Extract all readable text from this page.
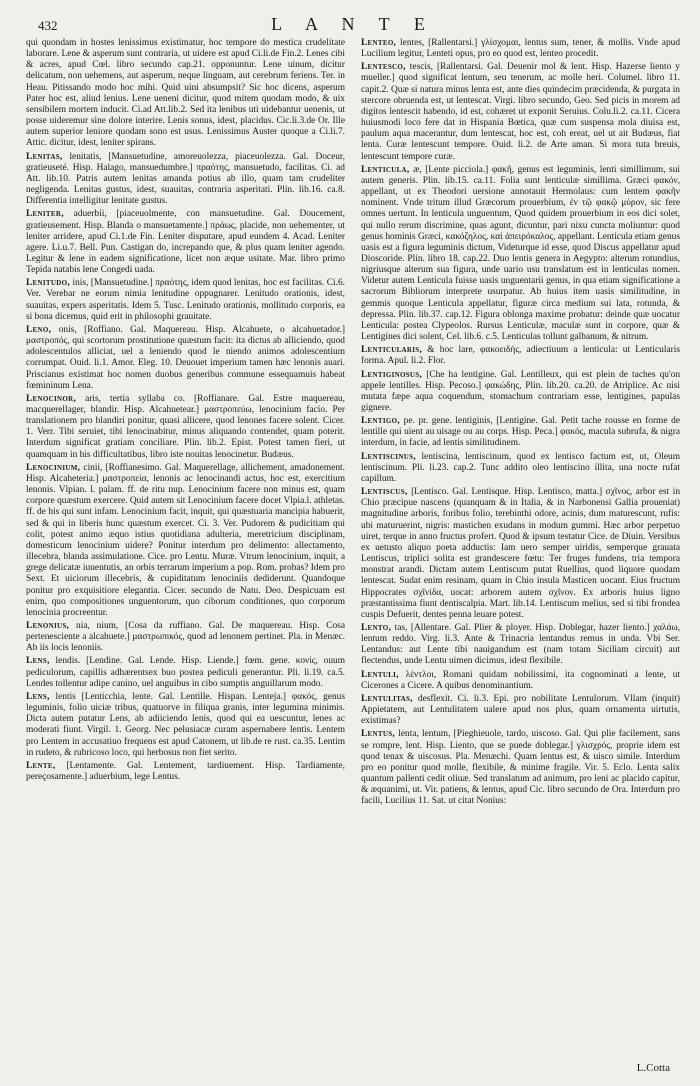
432	L A N T E

qui quondam in hostes lenissimus existimatur, hoc tempore do mestica crudelitate laborare. Lene & asperum sunt contraria, ut uidere est apud Ci.li.de Fin.2. Lenes cibi & acres, apud Cœl. libro secundo cap.21. opponuntur. Lene uinum, dicitur delicatum, non uehemens, aut asperum, neque linguam, aut cerebrum feriens. Ter. in Heau. Pitissando modo hoc mihi. Quid uini absumpsit? Sic hoc dicens, asperum Pater hoc est, aliud lenius. Lene ueneni dicitur, quod mitem quodam modo, & uix sensibilem mortem inducit. Ci.ad Att.lib.2. Sed ita lenibus uti uidebantur uenenis, ut posse uideremur sine dolore interire. Lenis sonus, idest, placidus. Cic.li.3.de Or. Ille autem superior leniore quodam sono est usus. Lenissimus Auster quoque a Ci.li.7. Attic. dicitur, idest, leniter spirans.

Lenitas, lenitatis, [Mansuetudine, amoreuolezza, piaceuolezza. Gal. Doceur, gratieuseté. Hisp. Halago, mansuedumbre.] πραότης, mansuetudo, facilitas. Ci. ad Att. lib.10. Patris autem lenitas amanda potius ab illo, quam tam crudeliter negligenda. Lenitas gustus, idest, suauitas, contraria asperitati. Plin. lib.16. ca.8. Differentia intelligitur lenitate gustus.

Leniter, aduerbii, [piaceuolmente, con mansuetudine. Gal. Doucement, gratieusement. Hisp. Blanda o mansuetamente.] πράως, placide, non uehementer, ut leniter arridere, apud Ci.1.de Fin. Leniter disputare, apud eundem 4. Acad. Leniter agere. Li.u.7. Bell. Pun. Castigan do, increpando que, & plus quam leniter agendo. Legitur & lene in eadem significatione, licet non æque usitate. Mar. libro primo Tepida natabis lene Congedi uada.

Lenitudo, inis, [Mansuetudine.] πραότης, idem quod lenitas, hoc est facilitas. Ci.6. Ver. Verebar ne eorum nimia lenitudine oppugnarer. Lenitudo orationis, idest, suauitas, expers asperitatis. Idem 5. Tusc. Lenitudo orationis, mollitudo corporis, ea si bona dicemus, quid erit in philosophi grauitate.

Leno, onis, [Roffiano. Gal. Maquereau. Hisp. Alcahuete, o alcahuetador.] μαστροπός, qui scortorum prostitutione quæstum facit: ita dictus ab alliciendo, quod adolescentulos alliciat, uel a leniendo quod le niendo animos adolescentium corrumpat. Ouid. li.1. Amor. Eleg. 10. Deuouet imperium tamen hæc lenonis auari. Priscianus existimat hoc nomen duobus generibus commune essequamuis habeat fœmininum Lena.

Lenocinor, aris, tertia syllaba co. [Roffianare. Gal. Estre maquereau, macquerellager, blandir. Hisp. Alcahuetear.] μαστροπεύω, lenocinium facio. Per translationem pro blandiri ponitur, quasi allicere, quod lenones facere solent. Cicer. 1. Verr. Tibi seruiet, tibi lenocinabitur, minus aliquando contendet, quam poterit. Interdum significat gratiam conciliare. Plin. lib.2. Epist. Potest tamen fieri, ut quamquam in his difficultatibus, libro iste nouitas lenocinetur. Budæus.

Lenocinium, cinii, [Roffianesimo. Gal. Maquerellage, allichement, amadonement. Hisp. Alcaheteria.] μαστροπεία, lenonis ac lenocinandi actus, hoc est, exercitium lenonis. Vlpian. l. palam. ff. de ritu nup. Lenocinium facere non minus est, quam corpore quæstum exercere. Quid autem sit Lenocinium facere docet Vlpia.l. athletas. ff. de his qui sunt infam. Lenocinium facit, inquit, qui quæstuaria mancipia habuerit, sed & qui in liberis hunc quæstum exercet. Ci. 3. Ver. Pudorem & pudicitiam qui colit, potest animo æquo istius quotidiana adulteria, meretricium disciplinam, domesticum lenocinium uidere? Ponitur interdum pro delimento: allectamento, illecebra, blanda assimulatione. Cice. pro Lentu. Muræ. Vtrum lenocinium, inquit, a grege delicatæ iuuentutis, an orbis terrarum imperium a pop. Rom. probas? Idem pro Sext. Et uiciorum illecebris, & cupiditatum lenociniis dediderunt. Quandoque ponitur pro exquisitiore elegantia. Cicer. secundo de Natu. Deo. Despicuam est enim, quo compositiones unguentorum, quo ciborum conditiones, quo corporum lenocinia procreentur.

Lenonius, nia, nium, [Cosa da ruffiano. Gal. De maquereau. Hisp. Cosa pertenesciente a alcahuete.] μαστρωπικός, quod ad lenonem pertinet. Pla. in Menæc. Ab iis locis lenoniis.

Lens, lendis. [Lendine. Gal. Lende. Hisp. Liende.] fœm. gene. κονίς, ouum pediculorum, capillis adhærentsex buo postea pediculi generantur. Pli. li.19. ca.5. Lendes tollentur adipe canino, uel anguibus in cibo sumptis anguillarum modo.

Lens, lentis [Lenticchia, lente. Gal. Lentille. Hispan. Lenteja.] φακός, genus leguminis, folio uiciæ tribus, quatuorve in filiqua granis, inter legumina minimis. Dicta autem putatur Lens, ab adiiciendo lenis, quod qui ea uescuntur, lenes ac moderati fiunt. Virgil. 1. Georg. Nec pelusiacæ curam aspernabere lentis. Lentem pro Lentem in accusatiuo frequens est apud Catonem, ut lib.de re rust. ca.35. Lentim in rudeto, & rubricoso loco, qui herbosus non fiet serito.

Lente, [Lentamente. Gal. Lentement, tardiuement. Hisp. Tardiamente, pereçosamente.] aduerbium, lege Lentus.

Lenteo, lentes, [Rallentarsi.] γλίσχομαι, lentus sum, tener, & mollis. Vnde apud Lucilium legitur, Lenteti opus, pro eo quod est, lenteo procedit.

Lentesco, tescis, [Rallentarsi. Gal. Deuenir mol & lent. Hisp. Hazerse liento y mueller.] quod significat lentum, seu tenerum, ac molle heri. Columel. libro 11. capit.2. Quæ si natura minus lenta est, ante dies quindecim præcidenda, & purgata in stercore obruenda est, ut lentescat. Virgi. libro secundo, Geo. Sed picis in morem ad digitos lentescit habendo, id est, cohæret ut exponit Seruius. Colu.li.2. ca.11. Cicera huiusmodi loco fere dat in Hispania Bœtica, quæ cum suspensa mola diuisa est, paulum aqua macerantur, dum lentescat, hoc est, coh ereat, uel ut ait Budæus, fiat lenta. Curæ lentescunt tempore. Ouid. li.2. de Arte aman. Si mora tuta breuis, lentescunt tempore curæ.

Lenticula, æ, [Lente picciola.] φακῆ, genus est leguminis, lenti simillimum, sui autem generis. Plin. lib.15. ca.11. Folia sunt lenticulæ simillima. Græci φακόν, appellant, ut ex Theodori uersione annotauit Hermolaus: cum lentem φακῆν nominent. Vnde tritum illud Græcorum prouerbium, ἐν τῷ φακῷ μύρον, sic fere omnes uertunt. In lenticula unguentum, Quod quidem prouerbium in eos dici solet, qui nullo rerum discrimine, quas agunt, dicuntur, pari nixu cuncta moliuntur: quod genus hominis Græci, κακόζηλος, καὶ ἀπειρόκαλος, appellant. Lenticula etiam genus uasis est a figura leguminis dictum, Videturque id esse, quod Discus appellatur apud Dioscoride. Plin. libro 18. cap.22. Duo lentis genera in Aegypto: alterum rotundius, nigriusque alterum sua figura, unde uario usu translatum est in lenticulas nomen. Videtur autem Lenticula fuisse uasis unguentarii genus, in qua etiam significatione a sacrorum Bibliorum interprete usurpatur. Ab huius item uasis similitudine, in gemmis quoque Lenticula appellatur, figuræ circa medium sui lata, rotunda, & depressa. Plin. lib.37. cap.12. Figura oblonga maxime probatur: deinde quæ uocatur Lenticula: postea Clypeolos. Rursus Lenticulæ, maculæ sunt in corpore, quæ & Lentigines dici solent, Cel. lib.6. c.5. Lenticulas tollunt galbanum, & nitrum.

Lenticularis, & hoc lare, φακοειδής, adiectiuum a lenticula: ut Lenticularis forma. Apul. li.2. Flor.

Lentiginosus, [Che ha lentigine. Gal. Lentilleux, qui est plein de taches qu'on appele lentilles. Hisp. Pecoso.] φακώδης, Plin. lib.20. ca.20. de Atriplice. Ac nisi mutata fæpe aqua coquendum, stomachum contrariam esse, lentigines, papulas gignere.

Lentigo, pe. pr. gene. lentiginis, [Lentigine. Gal. Petit tache rousse en forme de lentille qui uient au uisage ou au corps. Hisp. Peca.] φακός, macula subrufa, & nigra interdum, in facie, ad lentis similitudinem.

Lentiscinus, lentiscina, lentiscinum, quod ex lentisco factum est, ut, Oleum lentiscinum. Pli. li.23. cap.2. Tunc addito oleo lentiscino illita, una nocte rufat capillum.

Lentiscus, [Lentisco. Gal. Lentisque. Hisp. Lentisco, matta.] σχῖνος, arbor est in Chio præcipue nascens (quanquam & in Italia, & in Narbonensi Gallia proueniat) magnitudine arboris, foribus folio, terebinthi odore, acinis, dum maturescunt, rufis: ubi maturuerint, nigris: mastichen exudans in modum gummi. Hæc arbor perpetuo uiret, terque in anno fructus profert. Quod & ipsum testatur Cice. de Diuin. Versibus ex uetusto aliquo poeta adductis: Iam uero semper uiridis, semperque grauata Lentiscus, triplici solita est grandescere fœtu: Ter fruges fundens, tria tempora monstrat arandi. Dictam autem Lentiscum putat Ruellius, quod liquore quodam lentescat. Sudat enim resinam, quam in Chio insula Masticen uocant. Eius fructum Hippocrates σχῖνίδα, uocat: arborem autem σχῖνον. Ex arboris huius ligno præstantissima fiunt dentiscalpia. Mart. lib.14. Lentiscum melius, sed si tibi frondea cuspis Defuerit, dentes penna leuare potest.

Lento, tas, [Allentare. Gal. Plier & ployer. Hisp. Doblegar, hazer liento.] χαλάω, lentum reddo. Virg. li.3. Ante & Trinacria lentandus remus in unda. Vbi Ser. Lentandus: aut Lente tibi nauigandum est (nam totam Siciliam circuit) aut flectendus, unde Lentu uimen dicimus, idest flexibile.

Lentuli, λέντλοι, Romani quidam nobilissimi, ita cognominati a lente, ut Cicerones a Cicere. A quibus denominantium.

Lentulitas, desflexit. Ci. li.3. Epi. pro nobilitate Lentulorum. Vllam (inquit) Appietatem, aut Lentulitatem ualere apud nos plus, quam ornamenta uirtutis, existimas?

Lentus, lenta, lentum, [Pieghieuole, tardo, uiscoso. Gal. Qui plie facilement, sans se rompre, lent. Hisp. Liento, que se puede doblegar.] γλισχρός, proprie idem est quod tenax & uiscosus. Pla. Menæchi. Quam lentus est, & uisco simile. Interdum pro eo ponitur quod molle, flexibile, & minime fragile. Vir. 5. Eclo. Lenta salix quantum pallenti cedit oliuæ. Sed translatum ad animum, pro leni ac placido capitur, & æquanimi, ut. Vir. patiens, & lentus, apud Cic. libro secundo de Ora. Interdum pro facili, Lucilius 11. Sat. ut citat Nonius:

L.Cotta
